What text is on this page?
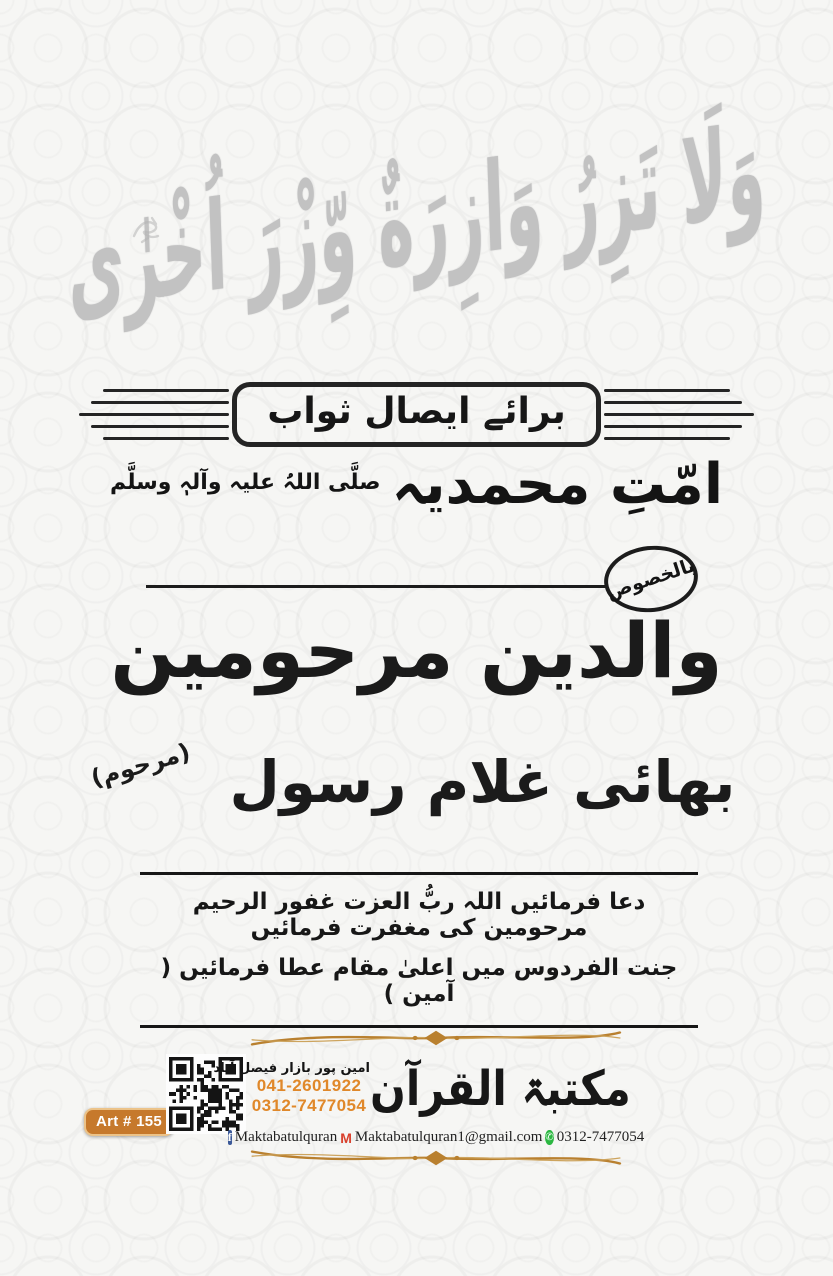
وَلَا تَزِرُ وَازِرَةٌ وِّزْرَ اُخْرٰی
برائے ایصال ثواب
امّتِ محمدیہ صلَّی اللہُ علیہ وآلہٖ وسلَّم
بالخصوص
والدین مرحومین
بھائی غلام رسول (مرحوم)
دعا فرمائیں اللہ ربُّ العزت غفور الرحیم مرحومین کی مغفرت فرمائیں
جنت الفردوس میں اعلیٰ مقام عطا فرمائیں ( آمین )
Art # 155
امین پور بازار فیصل آباد
041-2601922
0312-7477054 مکتبۃ القرآن
f Maktabatulquran M Maktabatulquran1@gmail.com ✆ 0312-7477054
